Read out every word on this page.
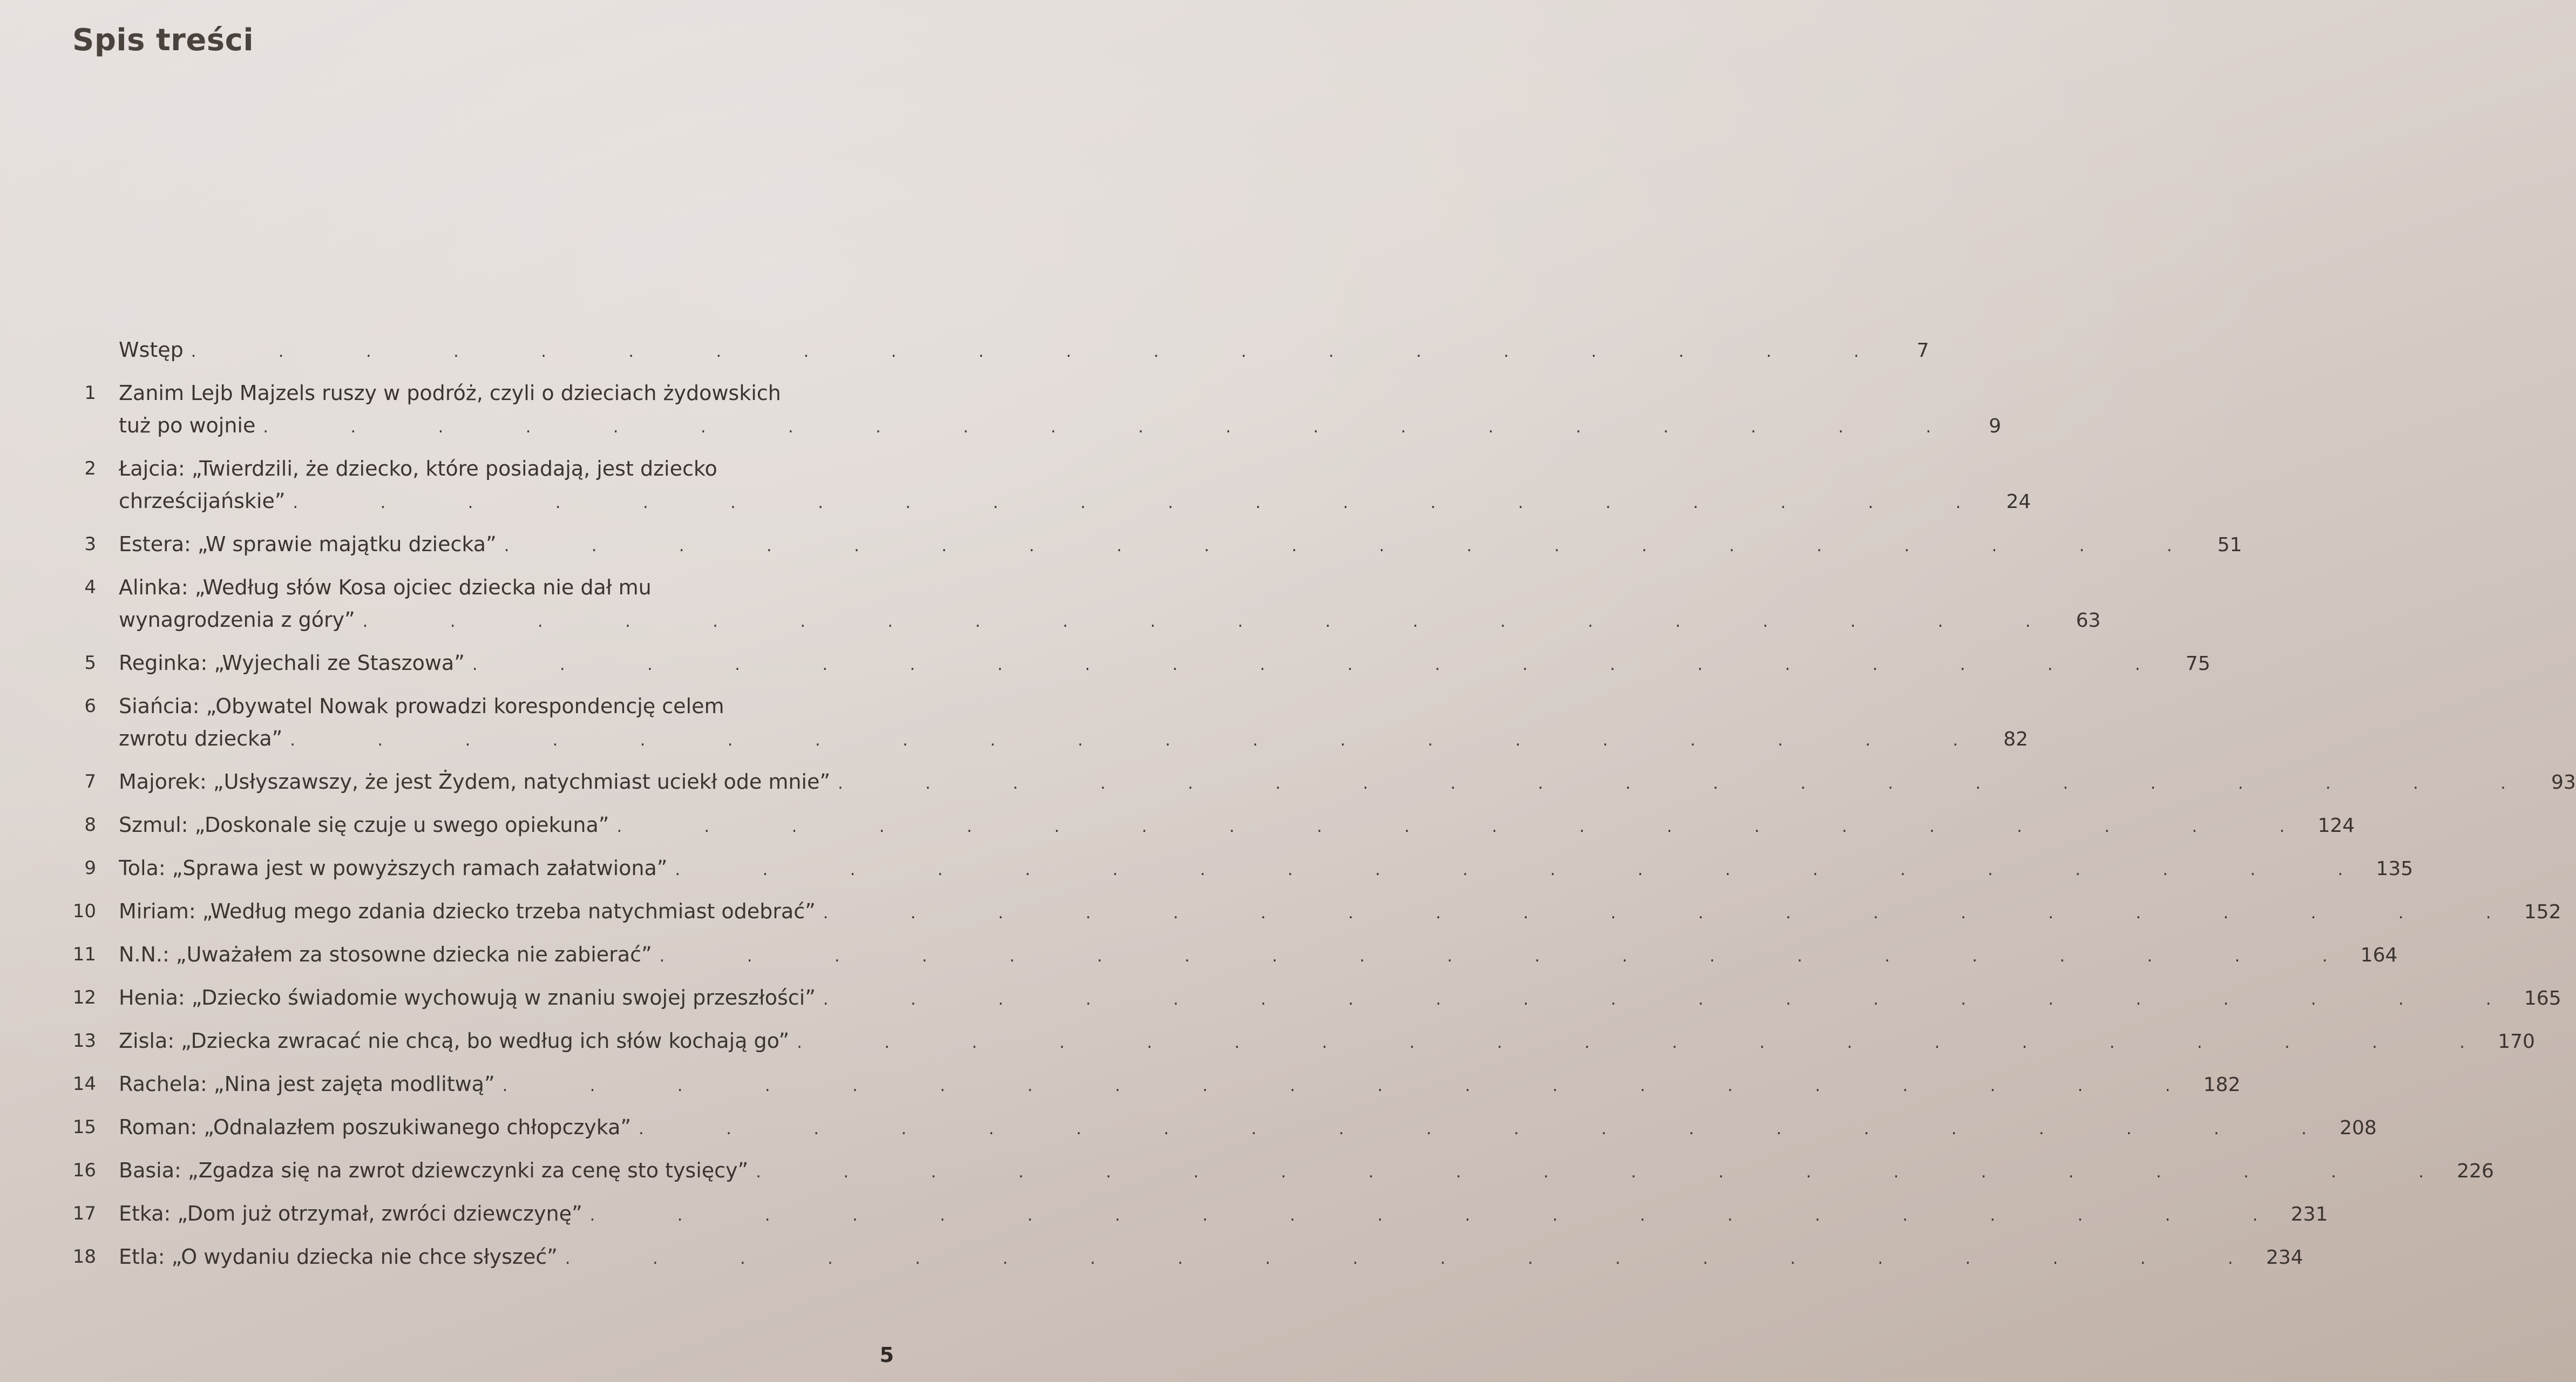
Spis treści
Wstęp .	7
1 Zanim Lejb Majzels ruszy w podróż, czyli o dzieciach żydowskich
tuż po wojnie .	9
2 Łajcia: „Twierdzili, że dziecko, które posiadają, jest dziecko
chrześcijańskie” .	24
3 Estera: „W sprawie majątku dziecka” .	51
4 Alinka: „Według słów Kosa ojciec dziecka nie dał mu
wynagrodzenia z góry” .	63
5 Reginka: „Wyjechali ze Staszowa” .	75
6 Siańcia: „Obywatel Nowak prowadzi korespondencję celem
zwrotu dziecka” .	82
7 Majorek: „Usłyszawszy, że jest Żydem, natychmiast uciekł ode mnie” .	93
8 Szmul: „Doskonale się czuje u swego opiekuna” .	124
9 Tola: „Sprawa jest w powyższych ramach załatwiona” .	135
10 Miriam: „Według mego zdania dziecko trzeba natychmiast odebrać” .	152
11 N.N.: „Uważałem za stosowne dziecka nie zabierać” .	164
12 Henia: „Dziecko świadomie wychowują w znaniu swojej przeszłości” .	165
13 Zisla: „Dziecka zwracać nie chcą, bo według ich słów kochają go” .	170
14 Rachela: „Nina jest zajęta modlitwą” .	182
15 Roman: „Odnalazłem poszukiwanego chłopczyka” .	208
16 Basia: „Zgadza się na zwrot dziewczynki za cenę sto tysięcy” .	226
17 Etka: „Dom już otrzymał, zwróci dziewczynę” .	231
18 Etla: „O wydaniu dziecka nie chce słyszeć” .	234
5
